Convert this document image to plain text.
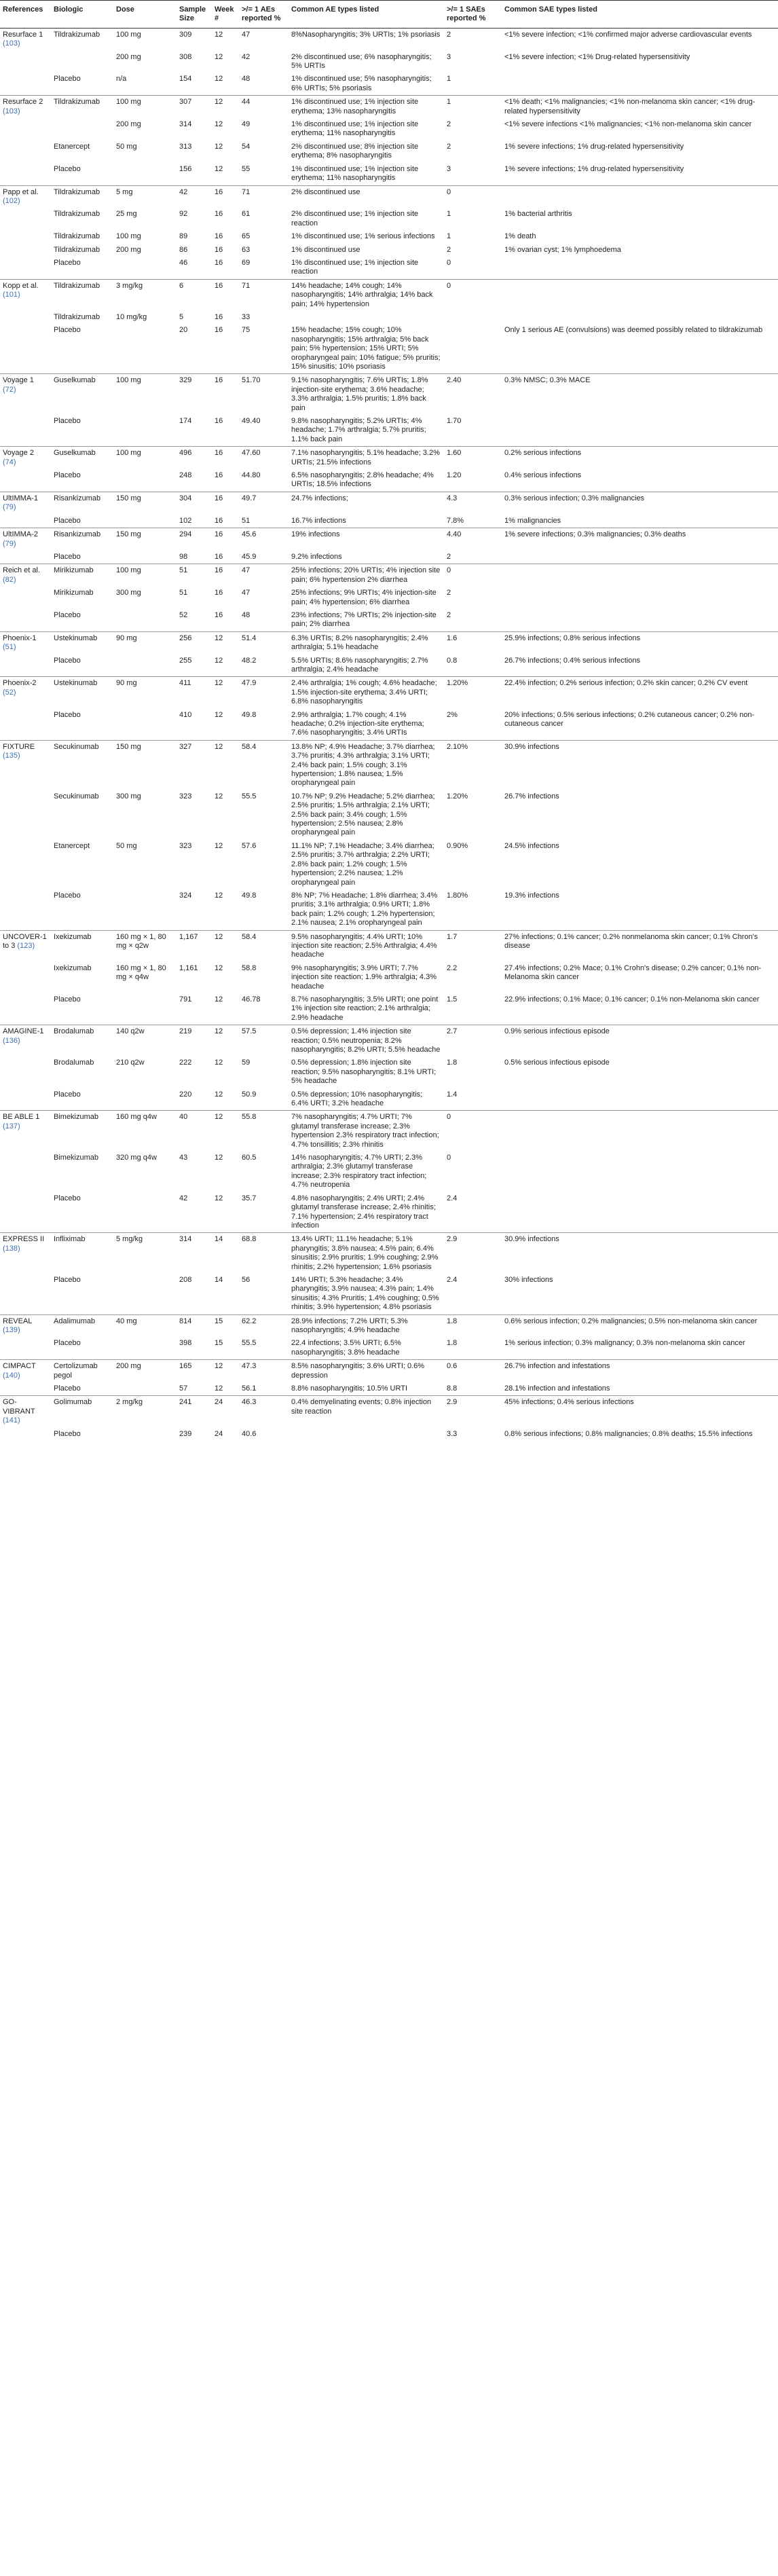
References	Biologic	Dose	Sample Size	Week #	>/= 1 AEs reported %	Common AE types listed	>/= 1 SAEs reported %	Common SAE types listed
Resurface 1 (103)	Tildrakizumab	100 mg	309	12	47	8%Nasopharyngitis; 3% URTIs; 1% psoriasis	2	<1% severe infection; <1% confirmed major adverse cardiovascular events
		200 mg	308	12	42	2% discontinued use; 6% nasopharyngitis; 5% URTIs	3	<1% severe infection; <1% Drug-related hypersensitivity
	Placebo	n/a	154	12	48	1% discontinued use; 5% nasopharyngitis; 6% URTIs; 5% psoriasis	1	
Resurface 2 (103)	Tildrakizumab	100 mg	307	12	44	1% discontinued use; 1% injection site erythema; 13% nasopharyngitis	1	<1% death; <1% malignancies; <1% non-melanoma skin cancer; <1% drug-related hypersensitivity
		200 mg	314	12	49	1% discontinued use; 1% injection site erythema; 11% nasopharyngitis	2	<1% severe infections <1% malignancies; <1% non-melanoma skin cancer
	Etanercept	50 mg	313	12	54	2% discontinued use; 8% injection site erythema; 8% nasopharyngitis	2	1% severe infections; 1% drug-related hypersensitivity
	Placebo		156	12	55	1% discontinued use; 1% injection site erythema; 11% nasopharyngitis	3	1% severe infections; 1% drug-related hypersensitivity
Papp et al. (102)	Tildrakizumab	5 mg	42	16	71	2% discontinued use	0	
	Tildrakizumab	25 mg	92	16	61	2% discontinued use; 1% injection site reaction	1	1% bacterial arthritis
	Tildrakizumab	100 mg	89	16	65	1% discontinued use; 1% serious infections	1	1% death
	Tildrakizumab	200 mg	86	16	63	1% discontinued use	2	1% ovarian cyst; 1% lymphoedema
	Placebo		46	16	69	1% discontinued use; 1% injection site reaction	0	
Kopp et al. (101)	Tildrakizumab	3 mg/kg	6	16	71	14% headache; 14% cough; 14% nasopharyngitis; 14% arthralgia; 14% back pain; 14% hypertension	0	
	Tildrakizumab	10 mg/kg	5	16	33			
	Placebo		20	16	75	15% headache; 15% cough; 10% nasopharyngitis; 15% arthralgia; 5% back pain; 5% hypertension; 15% URTI; 5% oropharyngeal pain; 10% fatigue; 5% pruritis; 15% sinusitis; 10% psoriasis		Only 1 serious AE (convulsions) was deemed possibly related to tildrakizumab
Voyage 1 (72)	Guselkumab	100 mg	329	16	51.70	9.1% nasopharyngitis; 7.6% URTIs; 1.8% injection-site erythema; 3.6% headache; 3.3% arthralgia; 1.5% pruritis; 1.8% back pain	2.40	0.3% NMSC; 0.3% MACE
	Placebo		174	16	49.40	9.8% nasopharyngitis; 5.2% URTIs; 4% headache; 1.7% arthralgia; 5.7% pruritis; 1.1% back pain	1.70	
Voyage 2 (74)	Guselkumab	100 mg	496	16	47.60	7.1% nasopharyngitis; 5.1% headache; 3.2% URTIs; 21.5% infections	1.60	0.2% serious infections
	Placebo		248	16	44.80	6.5% nasopharyngitis; 2.8% headache; 4% URTIs; 18.5% infections	1.20	0.4% serious infections
UltIMMA-1 (79)	Risankizumab	150 mg	304	16	49.7	24.7% infections;	4.3	0.3% serious infection; 0.3% malignancies
	Placebo		102	16	51	16.7% infections	7.8%	1% malignancies
UltIMMA-2 (79)	Risankizumab	150 mg	294	16	45.6	19% infections	4.40	1% severe infections; 0.3% malignancies; 0.3% deaths
	Placebo		98	16	45.9	9.2% infections	2	
Reich et al. (82)	Mirikizumab	100 mg	51	16	47	25% infections; 20% URTIs; 4% injection site pain; 6% hypertension 2% diarrhea	0	
	Mirikizumab	300 mg	51	16	47	25% infections; 9% URTIs; 4% injection-site pain; 4% hypertension; 6% diarrhea	2	
	Placebo		52	16	48	23% infections; 7% URTIs; 2% injection-site pain; 2% diarrhea	2	
Phoenix-1 (51)	Ustekinumab	90 mg	256	12	51.4	6.3% URTIs; 8.2% nasopharyngitis; 2.4% arthralgia; 5.1% headache	1.6	25.9% infections; 0.8% serious infections
	Placebo		255	12	48.2	5.5% URTIs; 8.6% nasopharyngitis; 2.7% arthralgia; 2.4% headache	0.8	26.7% infections; 0.4% serious infections
Phoenix-2 (52)	Ustekinumab	90 mg	411	12	47.9	2.4% arthralgia; 1% cough; 4.6% headache; 1.5% injection-site erythema; 3.4% URTI; 6.8% nasopharyngitis	1.20%	22.4% infection; 0.2% serious infection; 0.2% skin cancer; 0.2% CV event
	Placebo		410	12	49.8	2.9% arthralgia; 1.7% cough; 4.1% headache; 0.2% injection-site erythema; 7.6% nasopharyngitis; 3.4% URTIs	2%	20% infections; 0.5% serious infections; 0.2% cutaneous cancer; 0.2% non-cutaneous cancer
FIXTURE (135)	Secukinumab	150 mg	327	12	58.4	13.8% NP; 4.9% Headache; 3.7% diarrhea; 3.7% pruritis; 4.3% arthralgia; 3.1% URTI; 2.4% back pain; 1.5% cough; 3.1% hypertension; 1.8% nausea; 1.5% oropharyngeal pain	2.10%	30.9% infections
	Secukinumab	300 mg	323	12	55.5	10.7% NP; 9.2% Headache; 5.2% diarrhea; 2.5% pruritis; 1.5% arthralgia; 2.1% URTI; 2.5% back pain; 3.4% cough; 1.5% hypertension; 2.5% nausea; 2.8% oropharyngeal pain	1.20%	26.7% infections
	Etanercept	50 mg	323	12	57.6	11.1% NP; 7.1% Headache; 3.4% diarrhea; 2.5% pruritis; 3.7% arthralgia; 2.2% URTI; 2.8% back pain; 1.2% cough; 1.5% hypertension; 2.2% nausea; 1.2% oropharyngeal pain	0.90%	24.5% infections
	Placebo		324	12	49.8	8% NP; 7% Headache; 1.8% diarrhea; 3.4% pruritis; 3.1% arthralgia; 0.9% URTI; 1.8% back pain; 1.2% cough; 1.2% hypertension; 2.1% nausea; 2.1% oropharyngeal pain	1.80%	19.3% infections
UNCOVER-1 to 3 (123)	Ixekizumab	160 mg × 1, 80 mg × q2w	1,167	12	58.4	9.5% nasopharyngitis; 4.4% URTI; 10% injection site reaction; 2.5% Arthralgia; 4.4% headache	1.7	27% infections; 0.1% cancer; 0.2% nonmelanoma skin cancer; 0.1% Chron's disease
	Ixekizumab	160 mg × 1, 80 mg × q4w	1,161	12	58.8	9% nasopharyngitis; 3.9% URTI; 7.7% injection site reaction; 1.9% arthralgia; 4.3% headache	2.2	27.4% infections; 0.2% Mace; 0.1% Crohn's disease; 0.2% cancer; 0.1% non-Melanoma skin cancer
	Placebo		791	12	46.78	8.7% nasopharyngitis; 3.5% URTI; one point 1% injection site reaction; 2.1% arthralgia; 2.9% headache	1.5	22.9% infections; 0.1% Mace; 0.1% cancer; 0.1% non-Melanoma skin cancer
AMAGINE-1 (136)	Brodalumab	140 q2w	219	12	57.5	0.5% depression; 1.4% injection site reaction; 0.5% neutropenia; 8.2% nasopharyngitis; 8.2% URTI; 5.5% headache	2.7	0.9% serious infectious episode
	Brodalumab	210 q2w	222	12	59	0.5% depression; 1.8% injection site reaction; 9.5% nasopharyngitis; 8.1% URTI; 5% headache	1.8	0.5% serious infectious episode
	Placebo		220	12	50.9	0.5% depression; 10% nasopharyngitis; 6.4% URTI; 3.2% headache	1.4	
BE ABLE 1 (137)	Bimekizumab	160 mg q4w	40	12	55.8	7% nasopharyngitis; 4.7% URTI; 7% glutamyl transferase increase; 2.3% hypertension 2.3% respiratory tract infection; 4.7% tonsillitis; 2.3% rhinitis	0	
	Bimekizumab	320 mg q4w	43	12	60.5	14% nasopharyngitis; 4.7% URTI; 2.3% arthralgia; 2.3% glutamyl transferase increase; 2.3% respiratory tract infection; 4.7% neutropenia	0	
	Placebo		42	12	35.7	4.8% nasopharyngitis; 2.4% URTI; 2.4% glutamyl transferase increase; 2.4% rhinitis; 7.1% hypertension; 2.4% respiratory tract infection	2.4	
EXPRESS II (138)	Infliximab	5 mg/kg	314	14	68.8	13.4% URTI; 11.1% headache; 5.1% pharyngitis; 3.8% nausea; 4.5% pain; 6.4% sinusitis; 2.9% pruritis; 1.9% coughing; 2.9% rhinitis; 2.2% hypertension; 1.6% psoriasis	2.9	30.9% infections
	Placebo		208	14	56	14% URTI; 5.3% headache; 3.4% pharyngitis; 3.9% nausea; 4.3% pain; 1.4% sinusitis; 4.3% Pruritis; 1.4% coughing; 0.5% rhinitis; 3.9% hypertension; 4.8% psoriasis	2.4	30% infections
REVEAL (139)	Adalimumab	40 mg	814	15	62.2	28.9% infections; 7.2% URTI; 5.3% nasopharyngitis; 4.9% headache	1.8	0.6% serious infection; 0.2% malignancies; 0.5% non-melanoma skin cancer
	Placebo		398	15	55.5	22.4 infections; 3.5% URTI; 6.5% nasopharyngitis; 3.8% headache	1.8	1% serious infection; 0.3% malignancy; 0.3% non-melanoma skin cancer
CIMPACT (140)	Certolizumab pegol	200 mg	165	12	47.3	8.5% nasopharyngitis; 3.6% URTI; 0.6% depression	0.6	26.7% infection and infestations
	Placebo		57	12	56.1	8.8% nasopharyngitis; 10.5% URTI	8.8	28.1% infection and infestations
GO-VIBRANT (141)	Golimumab	2 mg/kg	241	24	46.3	0.4% demyelinating events; 0.8% injection site reaction	2.9	45% infections; 0.4% serious infections
	Placebo		239	24	40.6		3.3	0.8% serious infections; 0.8% malignancies; 0.8% deaths; 15.5% infections
